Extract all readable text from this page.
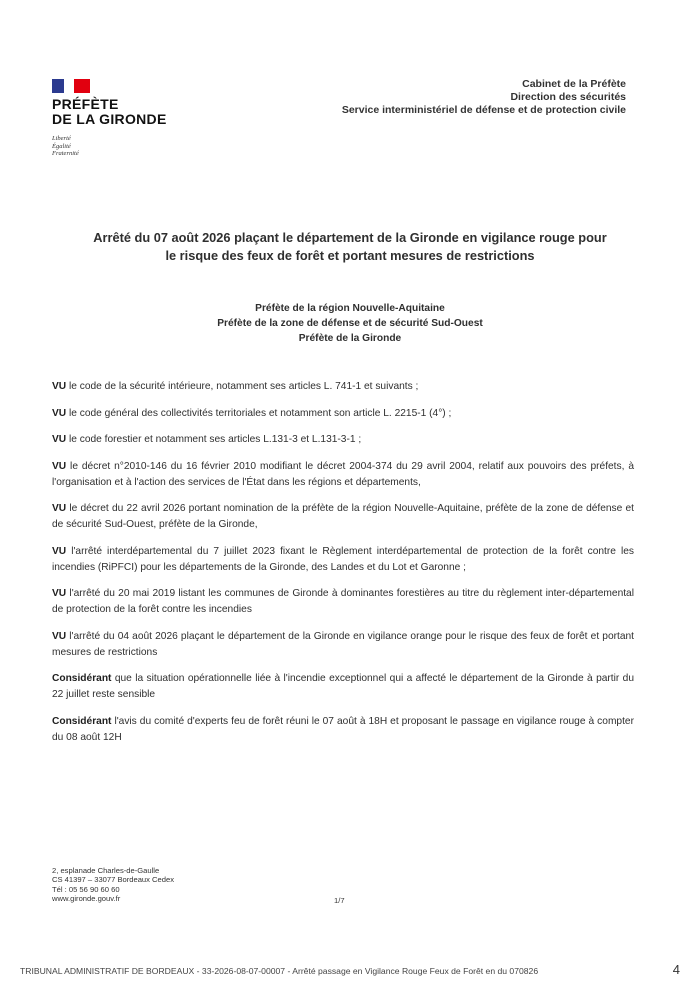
PRÉFÈTE
DE LA GIRONDE
Liberté
Égalité
Fraternité
Cabinet de la Préfète
Direction des sécurités
Service interministériel de défense et de protection civile
Arrêté du 07 août 2026 plaçant le département de la Gironde en vigilance rouge pour
le risque des feux de forêt et portant mesures de restrictions
Préfète de la région Nouvelle-Aquitaine
Préfète de la zone de défense et de sécurité Sud-Ouest
Préfète de la Gironde

VU le code de la sécurité intérieure, notamment ses articles L. 741-1 et suivants ;

VU le code général des collectivités territoriales et notamment son article L. 2215-1 (4°) ;

VU le code forestier et notamment ses articles L.131-3 et L.131-3-1 ;

VU le décret n°2010-146 du 16 février 2010 modifiant le décret 2004-374 du 29 avril 2004, relatif aux pouvoirs des préfets, à l'organisation et à l'action des services de l'État dans les régions et départements,

VU le décret du 22 avril 2026 portant nomination de la préfète de la région Nouvelle-Aquitaine, préfète de la zone de défense et de sécurité Sud-Ouest, préfète de la Gironde,

VU l'arrêté interdépartemental du 7 juillet 2023 fixant le Règlement interdépartemental de protection de la forêt contre les incendies (RiPFCI) pour les départements de la Gironde, des Landes et du Lot et Garonne ;

VU l'arrêté du 20 mai 2019 listant les communes de Gironde à dominantes forestières au titre du règlement inter-départemental de protection de la forêt contre les incendies

VU l'arrêté du 04 août 2026 plaçant le département de la Gironde en vigilance orange pour le risque des feux de forêt et portant mesures de restrictions

Considérant que la situation opérationnelle liée à l'incendie exceptionnel qui a affecté le département de la Gironde à partir du 22 juillet reste sensible

Considérant l'avis du comité d'experts feu de forêt réuni le 07 août à 18H et proposant le passage en vigilance rouge à compter du 08 août 12H

2, esplanade Charles-de-Gaulle
CS 41397 – 33077 Bordeaux Cedex
Tél : 05 56 90 60 60
www.gironde.gouv.fr	1/7
TRIBUNAL ADMINISTRATIF DE BORDEAUX - 33-2026-08-07-00007 - Arrêté passage en Vigilance Rouge Feux de Forêt en du 070826	4
